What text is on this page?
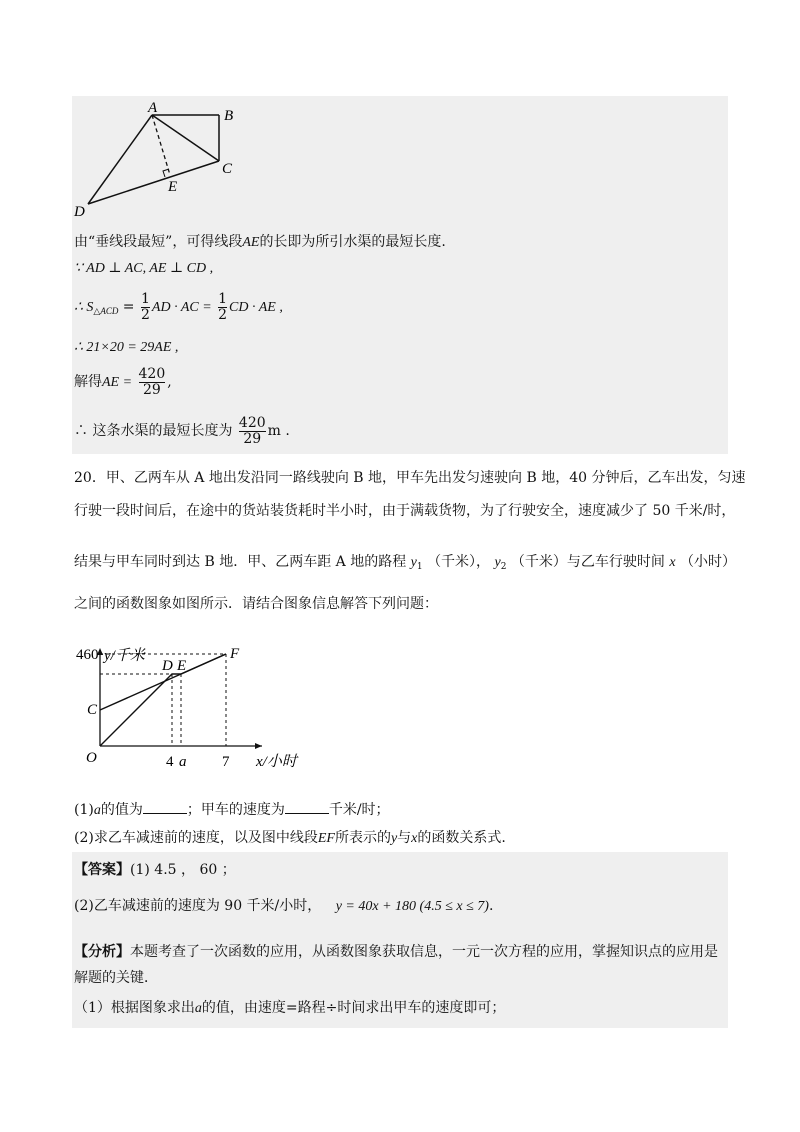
A	B
C
D
E
由“垂线段最短”，可得线段AE的长即为所引水渠的最短长度.
∵ AD ⊥ AC, AE ⊥ CD ,
∴ $S_{\triangle ACD} = \frac{1}{2}$ AD · AC = $\frac{1}{2}$ CD · AE ,
∴ 21×20 = 29AE ,
解得AE = $\frac{420}{29}$ ,
∴ 这条水渠的最短长度为 $\frac{420}{29}$ m .
20．甲、乙两车从 A 地出发沿同一路线驶向 B 地，甲车先出发匀速驶向 B 地，40 分钟后，乙车出发，匀速
行驶一段时间后，在途中的货站装货耗时半小时，由于满载货物，为了行驶安全，速度减少了 50 千米/时，
结果与甲车同时到达 B 地．甲、乙两车距 A 地的路程 $y_1$ （千米）， $y_2$ （千米）与乙车行驶时间 x （小时）
之间的函数图象如图所示．请结合图象信息解答下列问题：
y/千米
x/小时
460
4 a 7
O
C
D E
F
(1)a的值为	；甲车的速度为	千米/时；
(2)求乙车减速前的速度，以及图中线段EF所表示的y与x的函数关系式.
【答案】(1) 4.5 ， 60 ；
(2)乙车减速前的速度为 90 千米/小时， y = 40x + 180 (4.5 ≤ x ≤ 7).
【分析】本题考查了一次函数的应用，从函数图象获取信息，一元一次方程的应用，掌握知识点的应用是
解题的关键．
（1）根据图象求出a的值，由速度=路程÷时间求出甲车的速度即可；
